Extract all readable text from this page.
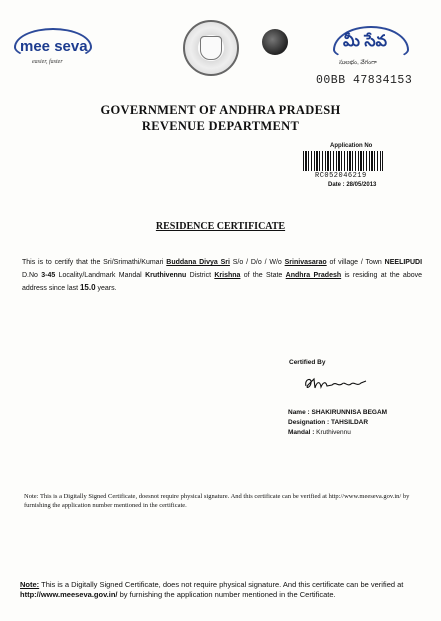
mee seva
easier, faster
మీ సేవ
సులభం, వేగంగా
00BB 47834153
GOVERNMENT OF ANDHRA PRADESH
REVENUE DEPARTMENT
Application No
RC052046219
Date : 28/05/2013
RESIDENCE CERTIFICATE
This is to certify that the Sri/Srimathi/Kumari Buddana Divya Sri S/o / D/o / W/o Srinivasarao of village / Town NEELIPUDI D.No 3-45 Locality/Landmark Mandal Kruthivennu District Krishna of the State Andhra Pradesh is residing at the above address since last 15.0 years.
Certified By
Name : SHAKIRUNNISA BEGAM
Designation : TAHSILDAR
Mandal : Kruthivennu
Note: This is a Digitally Signed Certificate, doesnot require physical signature. And this certificate can be verified at http://www.meeseva.gov.in/ by furnishing the application number mentioned in the certificate.
Note: This is a Digitally Signed Certificate, does not require physical signature. And this certificate can be verified at http://www.meeseva.gov.in/ by furnishing the application number mentioned in the Certificate.
